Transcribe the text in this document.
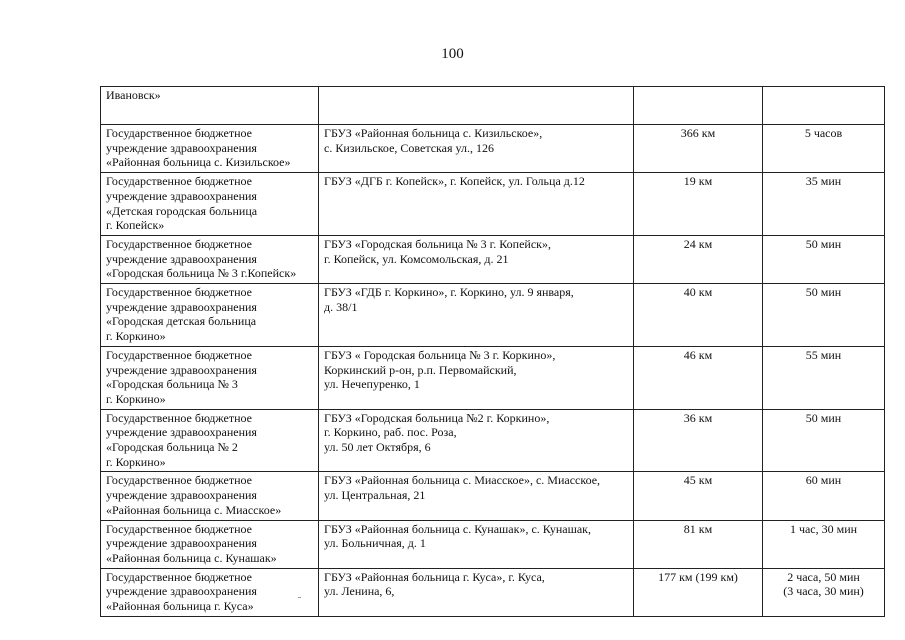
100
Ивановск»			

Государственное бюджетное
учреждение здравоохранения
«Районная больница с. Кизильское»	ГБУЗ «Районная больница с. Кизильское»,
с. Кизильское, Советская ул., 126	366 км	5 часов

Государственное бюджетное
учреждение здравоохранения
«Детская городская больница
г. Копейск»	ГБУЗ «ДГБ г. Копейск», г. Копейск, ул. Гольца д.12	19 км	35 мин

Государственное бюджетное
учреждение здравоохранения
«Городская больница № 3 г.Копейск»	ГБУЗ «Городская больница № 3 г. Копейск»,
г. Копейск, ул. Комсомольская, д. 21	24 км	50 мин

Государственное бюджетное
учреждение здравоохранения
«Городская детская больница
г. Коркино»	ГБУЗ «ГДБ г. Коркино», г. Коркино, ул. 9 января,
д. 38/1	40 км	50 мин

Государственное бюджетное
учреждение здравоохранения
«Городская больница № 3
г. Коркино»	ГБУЗ « Городская больница № 3 г. Коркино»,
Коркинский р-он, р.п. Первомайский,
ул. Нечепуренко, 1	46 км	55 мин

Государственное бюджетное
учреждение здравоохранения
«Городская больница № 2
г. Коркино»	ГБУЗ «Городская больница №2 г. Коркино»,
г. Коркино, раб. пос. Роза,
ул. 50 лет Октября, 6	36 км	50 мин

Государственное бюджетное
учреждение здравоохранения
«Районная больница с. Миасское»	ГБУЗ «Районная больница с. Миасское», с. Миасское,
ул. Центральная, 21	45 км	60 мин

Государственное бюджетное
учреждение здравоохранения
«Районная больница с. Кунашак»	ГБУЗ «Районная больница с. Кунашак», с. Кунашак,
ул. Больничная, д. 1	81 км	1 час, 30 мин

Государственное бюджетное
учреждение здравоохранения
«Районная больница г. Куса»	ГБУЗ «Районная больница г. Куса», г. Куса,
ул. Ленина, 6,	177 км (199 км)	2 часа, 50 мин
(3 часа, 30 мин)
